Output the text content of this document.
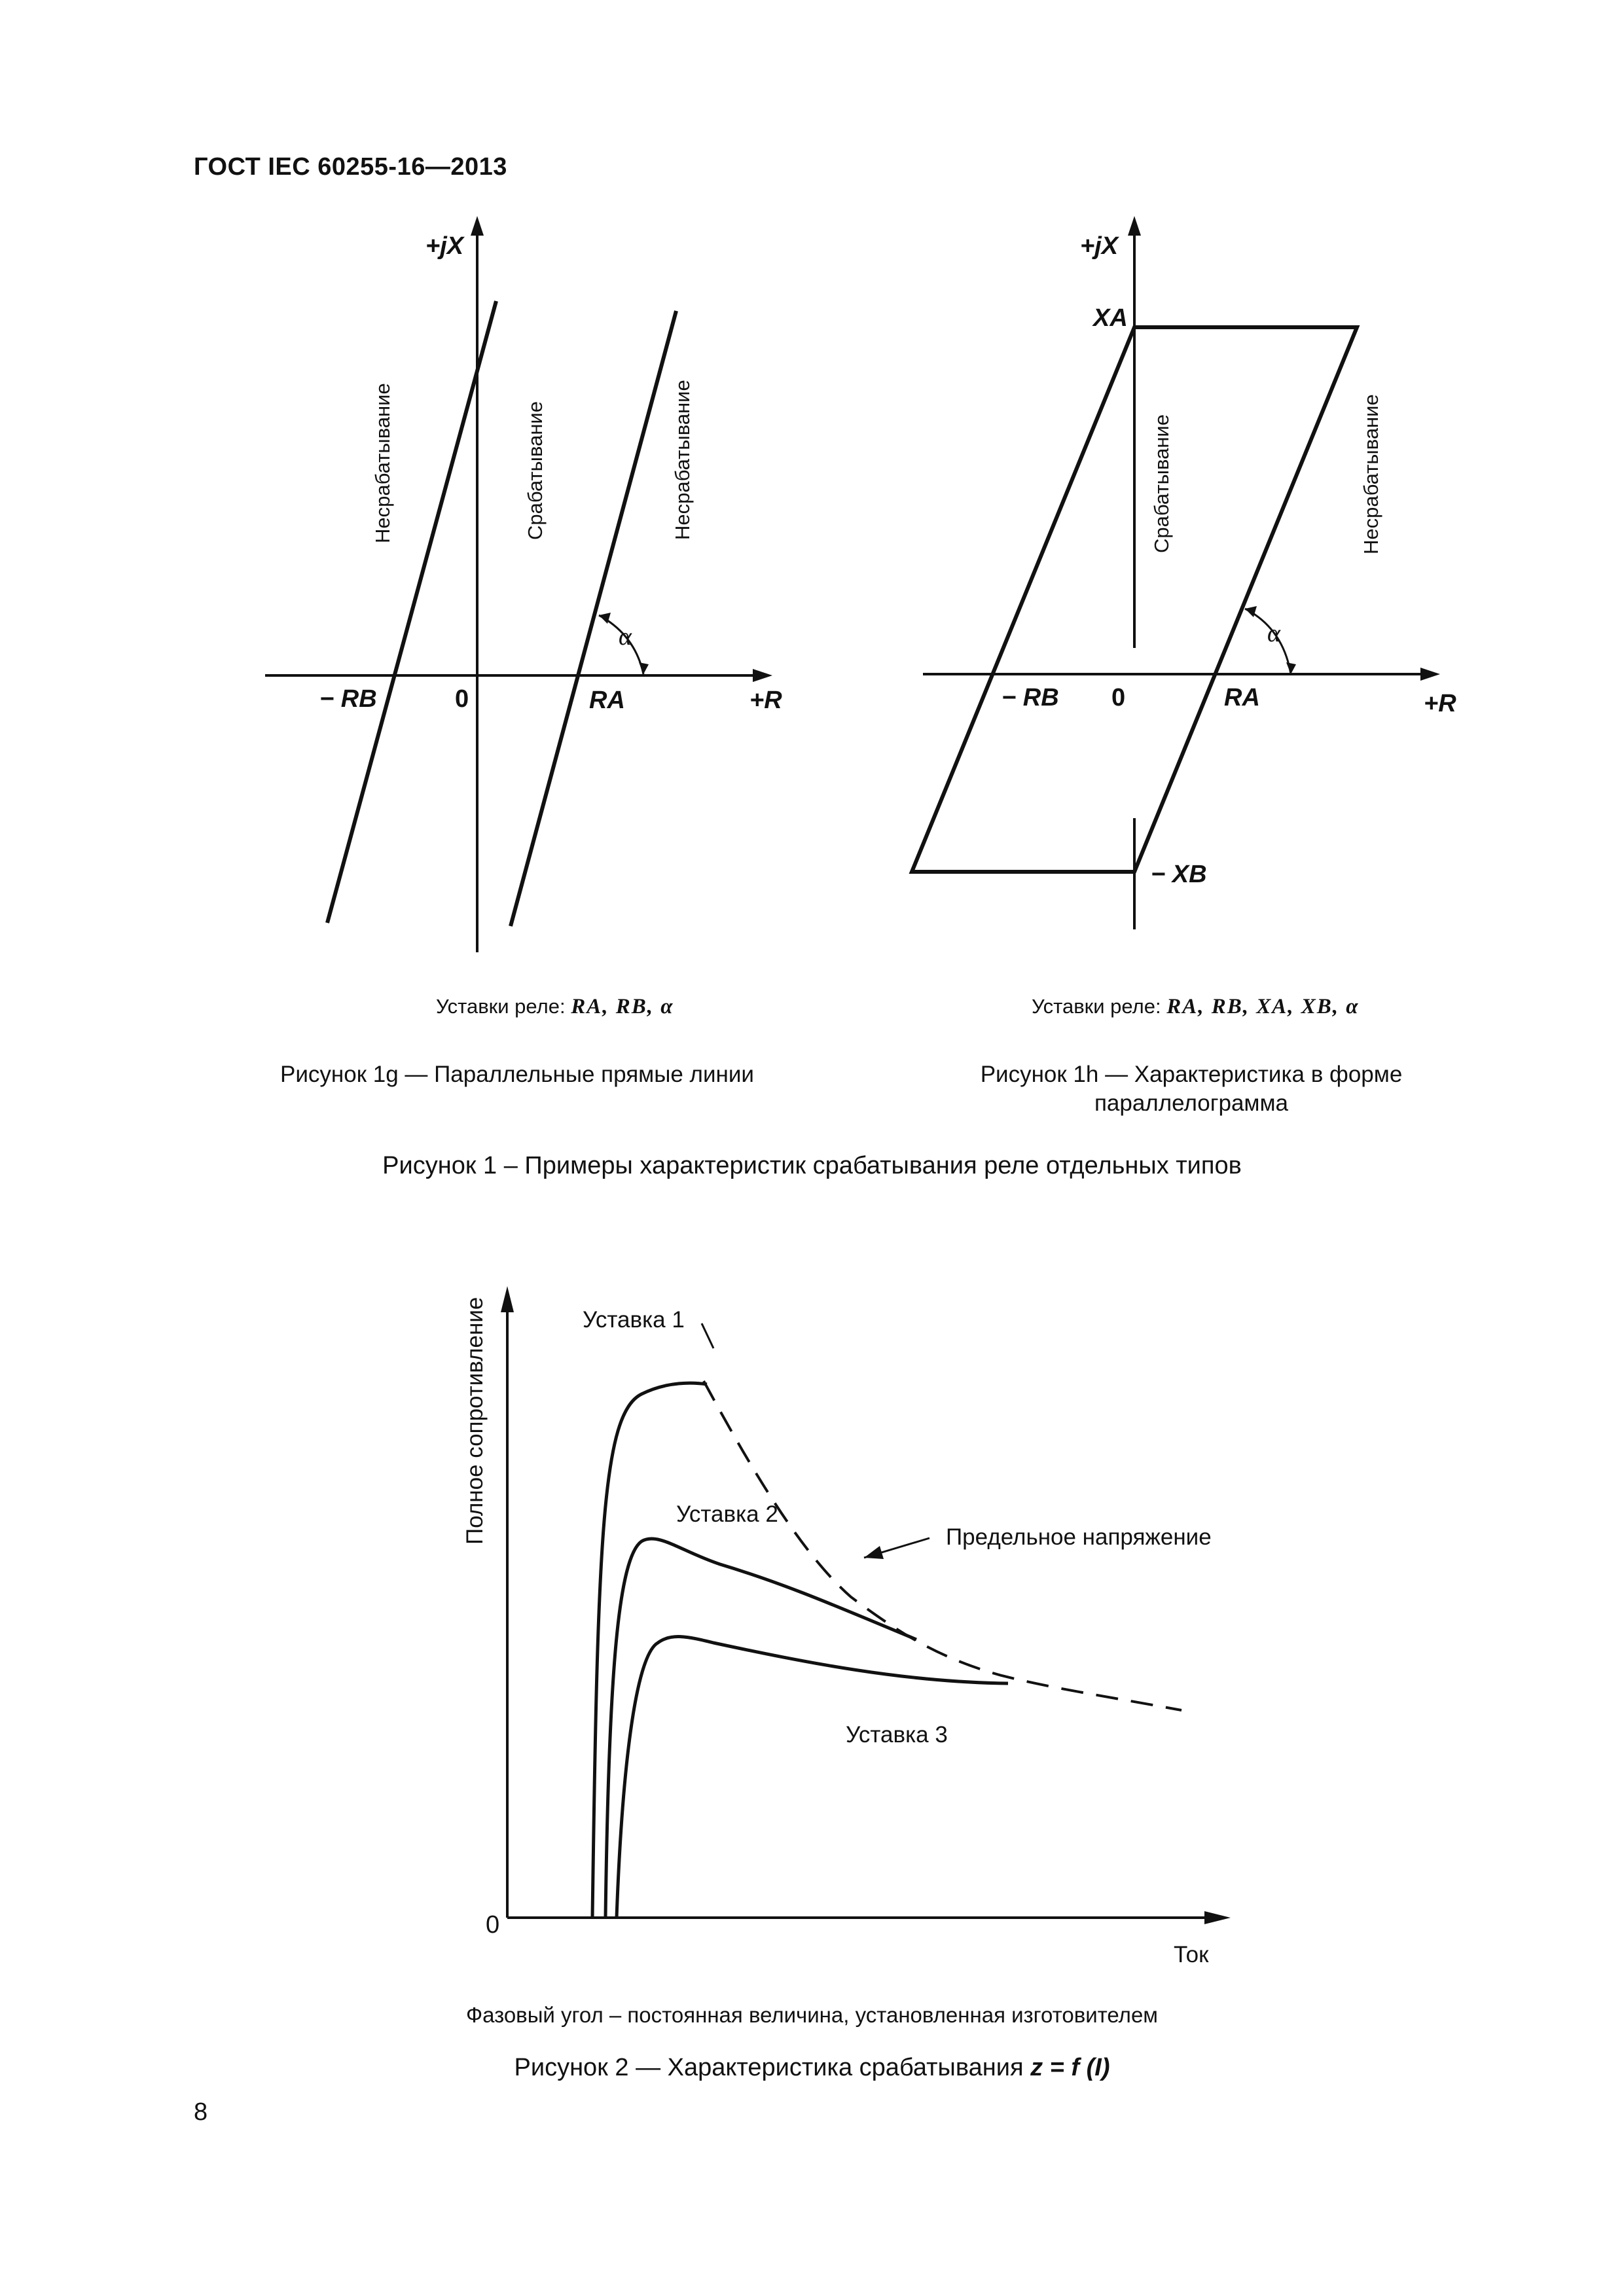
ГОСТ IEC 60255-16—2013
+jX
+R
0
− RB	RA
α
Несрабатывание	Срабатывание	Несрабатывание
Уставки реле: RA, RB, α
Рисунок 1g — Параллельные прямые линии
+jX
+R
0
− RB	RA
XA
− XB
α
Срабатывание	Несрабатывание
Уставки реле: RA, RB, XA, XB, α
Рисунок 1h — Характеристика в форме
параллелограмма
Рисунок 1 – Примеры характеристик срабатывания реле отдельных типов
Полное сопротивление
Ток
0
Уставка 1
Уставка 2
Уставка 3
Предельное напряжение
Фазовый угол – постоянная величина, установленная изготовителем
Рисунок 2 — Характеристика срабатывания z = f (I)
8
